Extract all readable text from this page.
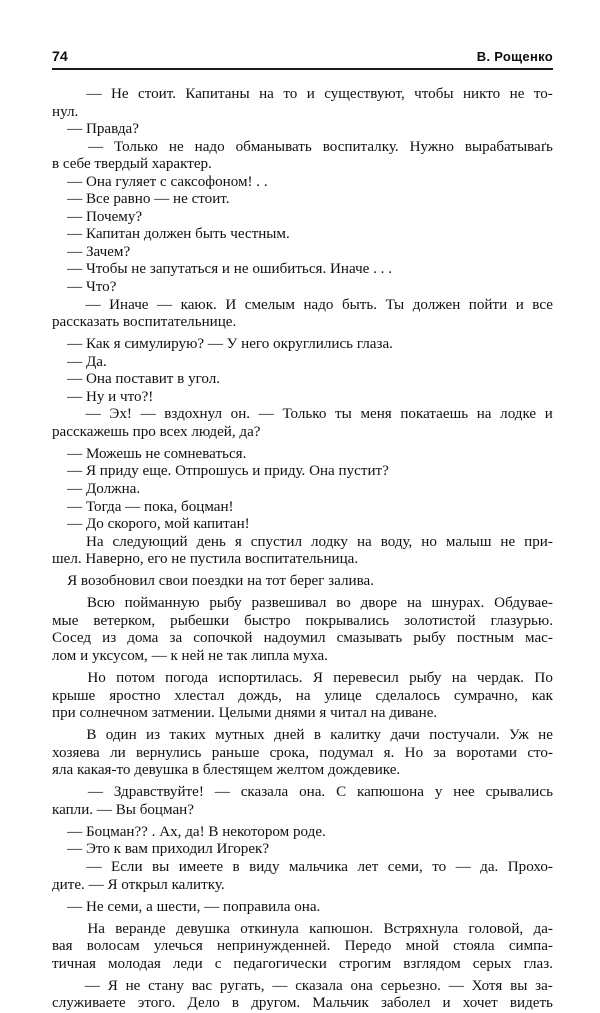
74	В. Рощенко

— Не стоит. Капитаны на то и существуют, чтобы никто не то-
нул.

— Правда?

— Только не надо обманывать воспиталку. Нужно вырабатываґь
в себе твердый характер.

— Она гуляет с саксофоном! . .

— Все равно — не стоит.

— Почему?

— Капитан должен быть честным.

— Зачем?

— Чтобы не запутаться и не ошибиться. Иначе . . .

— Что?

— Иначе — каюк. И смелым надо быть. Ты должен пойти и все
рассказать воспитательнице.

— Как я симулирую? — У него округлились глаза.

— Да.

— Она поставит в угол.

— Ну и что?!

— Эх! — вздохнул он. — Только ты меня покатаешь на лодке и
расскажешь про всех людей, да?

— Можешь не сомневаться.

— Я приду еще. Отпрошусь и приду. Она пустит?

— Должна.

— Тогда — пока, боцман!

— До скорого, мой капитан!

На следующий день я спустил лодку на воду, но малыш не при-
шел. Наверно, его не пустила воспитательница.

Я возобновил свои поездки на тот берег залива.

Всю пойманную рыбу развешивал во дворе на шнурах. Обдувае-
мые ветерком, рыбешки быстро покрывались золотистой глазурью.
Сосед из дома за сопочкой надоумил смазывать рыбу постным мас-
лом и уксусом, — к ней не так липла муха.

Но потом погода испортилась. Я перевесил рыбу на чердак. По
крыше яростно хлестал дождь, на улице сделалось сумрачно, как
при солнечном затмении. Целыми днями я читал на диване.

В один из таких мутных дней в калитку дачи постучали. Уж не
хозяева ли вернулись раньше срока, подумал я. Но за воротами сто-
яла какая-то девушка в блестящем желтом дождевике.

— Здравствуйте! — сказала она. С капюшона у нее срывались
капли. — Вы боцман?

— Боцман?? . Ах, да! В некотором роде.

— Это к вам приходил Игорек?

— Если вы имеете в виду мальчика лет семи, то — да. Прохо-
дите. — Я открыл калитку.

— Не семи, а шести, — поправила она.

На веранде девушка откинула капюшон. Встряхнула головой, да-
вая волосам улечься непринужденней. Передо мной стояла симпа-
тичная молодая леди с педагогически строгим взглядом серых глаз.

— Я не стану вас ругать, — сказала она серьезно. — Хотя вы за-
служиваете этого. Дело в другом. Мальчик заболел и хочет видеть
